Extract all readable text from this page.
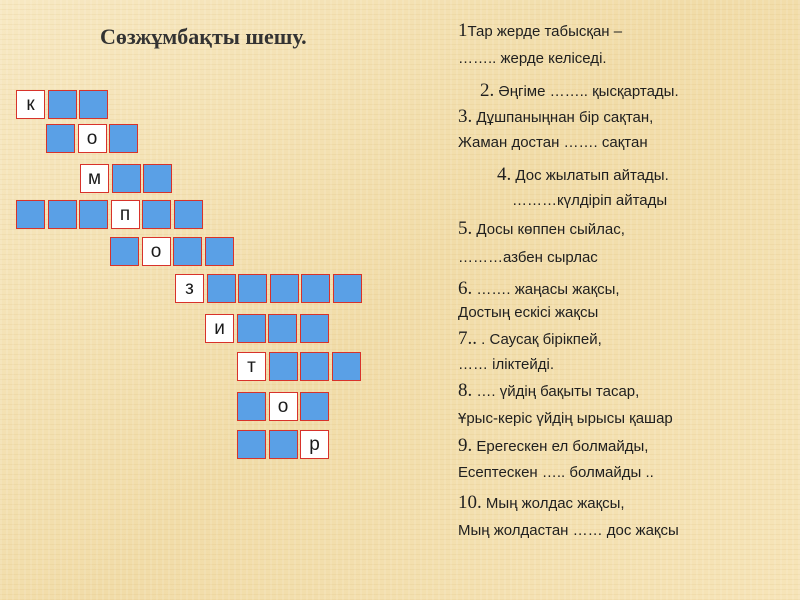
Сөзжұмбақты шешу.
к
о
м
п
о
з
и
т
о
р
1Тар жерде табысқан –
…….. жерде келіседі.
2. Әңгіме …….. қысқартады.
3. Дұшпаныңнан бір сақтан,
Жаман достан ……. сақтан
4. Дос жылатып айтады.
………күлдіріп айтады
5. Досы көппен сыйлас,
………азбен сырлас
6. ……. жаңасы жақсы,
Достың ескісі жақсы
7.. . Саусақ бірікпей,
…… іліктейді.
8. …. үйдің бақыты тасар,
Ұрыс-керіс үйдің ырысы қашар
9. Ерегескен ел болмайды,
Есептескен ….. болмайды ..
10. Мың жолдас жақсы,
Мың жолдастан …… дос жақсы
